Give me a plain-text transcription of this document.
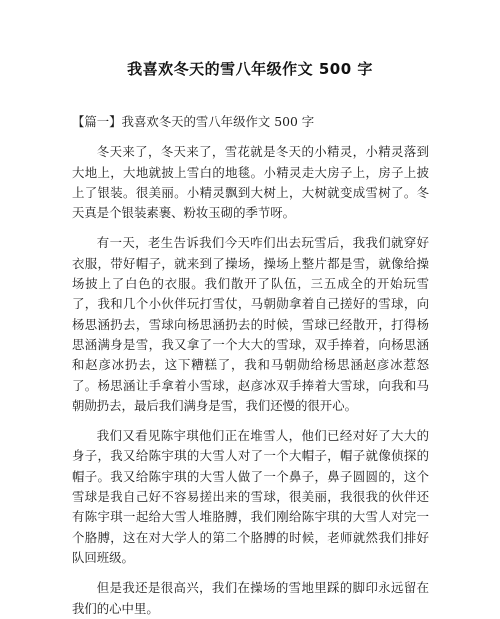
我喜欢冬天的雪八年级作文 500 字

【篇一】我喜欢冬天的雪八年级作文 500 字

冬天来了，冬天来了，雪花就是冬天的小精灵，小精灵落到大地上，大地就披上雪白的地毯。小精灵走大房子上，房子上披上了银装。很美丽。小精灵飘到大树上，大树就变成雪树了。冬天真是个银装素裹、粉妆玉砌的季节呀。

有一天，老生告诉我们今天咋们出去玩雪后，我我们就穿好衣服，带好帽子，就来到了操场，操场上整片都是雪，就像给操场披上了白色的衣服。我们散开了队伍，三五成全的开始玩雪了，我和几个小伙伴玩打雪仗，马朝勋拿着自己搓好的雪球，向杨思涵扔去，雪球向杨思涵扔去的时候，雪球已经散开，打得杨思涵满身是雪，我又拿了一个大大的雪球，双手捧着，向杨思涵和赵彦冰扔去，这下糟糕了，我和马朝勋给杨思涵赵彦冰惹怒了。杨思涵让手拿着小雪球，赵彦冰双手捧着大雪球，向我和马朝勋扔去，最后我们满身是雪，我们还慢的很开心。

我们又看见陈宇琪他们正在堆雪人，他们已经对好了大大的身子，我又给陈宇琪的大雪人对了一个大帽子，帽子就像侦探的帽子。我又给陈宇琪的大雪人做了一个鼻子，鼻子圆圆的，这个雪球是我自己好不容易搓出来的雪球，很美丽，我很我的伙伴还有陈宇琪一起给大雪人堆胳膊，我们刚给陈宇琪的大雪人对完一个胳膊，这在对大学人的第二个胳膊的时候，老师就然我们排好队回班级。

但是我还是很高兴，我们在操场的雪地里踩的脚印永远留在我们的心中里。
